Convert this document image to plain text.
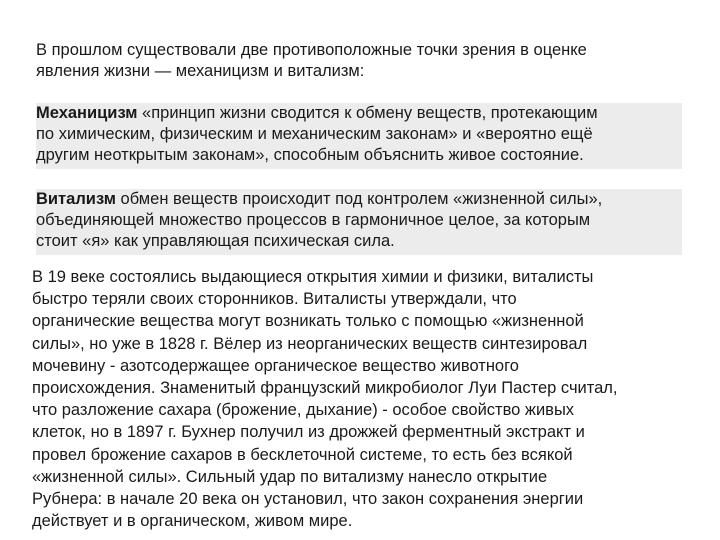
В прошлом существовали две противоположные точки зрения в оценке
явления жизни — механицизм и витализм:

Механицизм «принцип жизни сводится к обмену веществ, протекающим
по химическим, физическим и механическим законам» и «вероятно ещё
другим неоткрытым законам», способным объяснить живое состояние.

Витализм обмен веществ происходит под контролем «жизненной силы»,
объединяющей множество процессов в гармоничное целое, за которым
стоит «я» как управляющая психическая сила.

В 19 веке состоялись выдающиеся открытия химии и физики, виталисты
быстро теряли своих сторонников. Виталисты утверждали, что
органические вещества могут возникать только с помощью «жизненной
силы», но уже в 1828 г. Вёлер из неорганических веществ синтезировал
мочевину - азотсодержащее органическое вещество животного
происхождения. Знаменитый французский микробиолог Луи Пастер считал,
что разложение сахара (брожение, дыхание) - особое свойство живых
клеток, но в 1897 г. Бухнер получил из дрожжей ферментный экстракт и
провел брожение сахаров в бесклеточной системе, то есть без всякой
«жизненной силы». Сильный удар по витализму нанесло открытие
Рубнера: в начале 20 века он установил, что закон сохранения энергии
действует и в органическом, живом мире.
